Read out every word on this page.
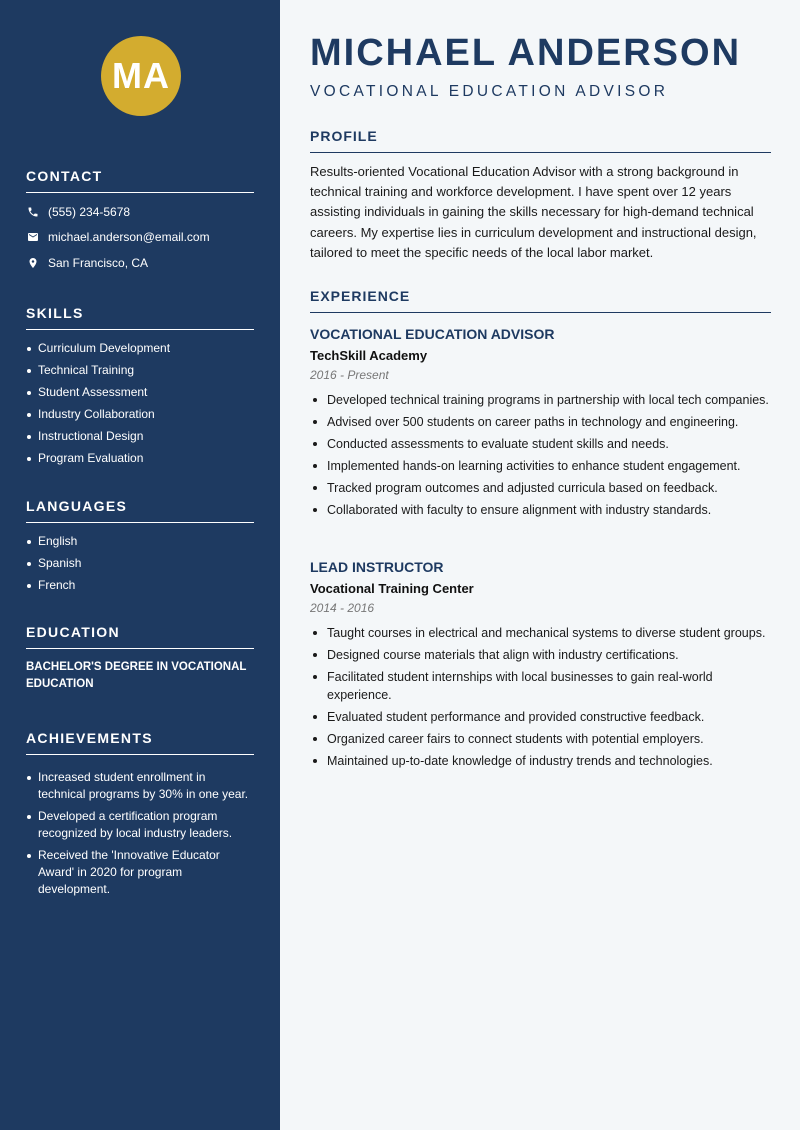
MA
CONTACT
(555) 234-5678
michael.anderson@email.com
San Francisco, CA
SKILLS
Curriculum Development
Technical Training
Student Assessment
Industry Collaboration
Instructional Design
Program Evaluation
LANGUAGES
English
Spanish
French
EDUCATION
BACHELOR'S DEGREE IN VOCATIONAL EDUCATION
ACHIEVEMENTS
Increased student enrollment in technical programs by 30% in one year.
Developed a certification program recognized by local industry leaders.
Received the 'Innovative Educator Award' in 2020 for program development.
MICHAEL ANDERSON
VOCATIONAL EDUCATION ADVISOR
PROFILE

Results-oriented Vocational Education Advisor with a strong background in technical training and workforce development. I have spent over 12 years assisting individuals in gaining the skills necessary for high-demand technical careers. My expertise lies in curriculum development and instructional design, tailored to meet the specific needs of the local labor market.

EXPERIENCE
VOCATIONAL EDUCATION ADVISOR
TechSkill Academy
2016 - Present
Developed technical training programs in partnership with local tech companies.
Advised over 500 students on career paths in technology and engineering.
Conducted assessments to evaluate student skills and needs.
Implemented hands-on learning activities to enhance student engagement.
Tracked program outcomes and adjusted curricula based on feedback.
Collaborated with faculty to ensure alignment with industry standards.
LEAD INSTRUCTOR
Vocational Training Center
2014 - 2016
Taught courses in electrical and mechanical systems to diverse student groups.
Designed course materials that align with industry certifications.
Facilitated student internships with local businesses to gain real-world experience.
Evaluated student performance and provided constructive feedback.
Organized career fairs to connect students with potential employers.
Maintained up-to-date knowledge of industry trends and technologies.
